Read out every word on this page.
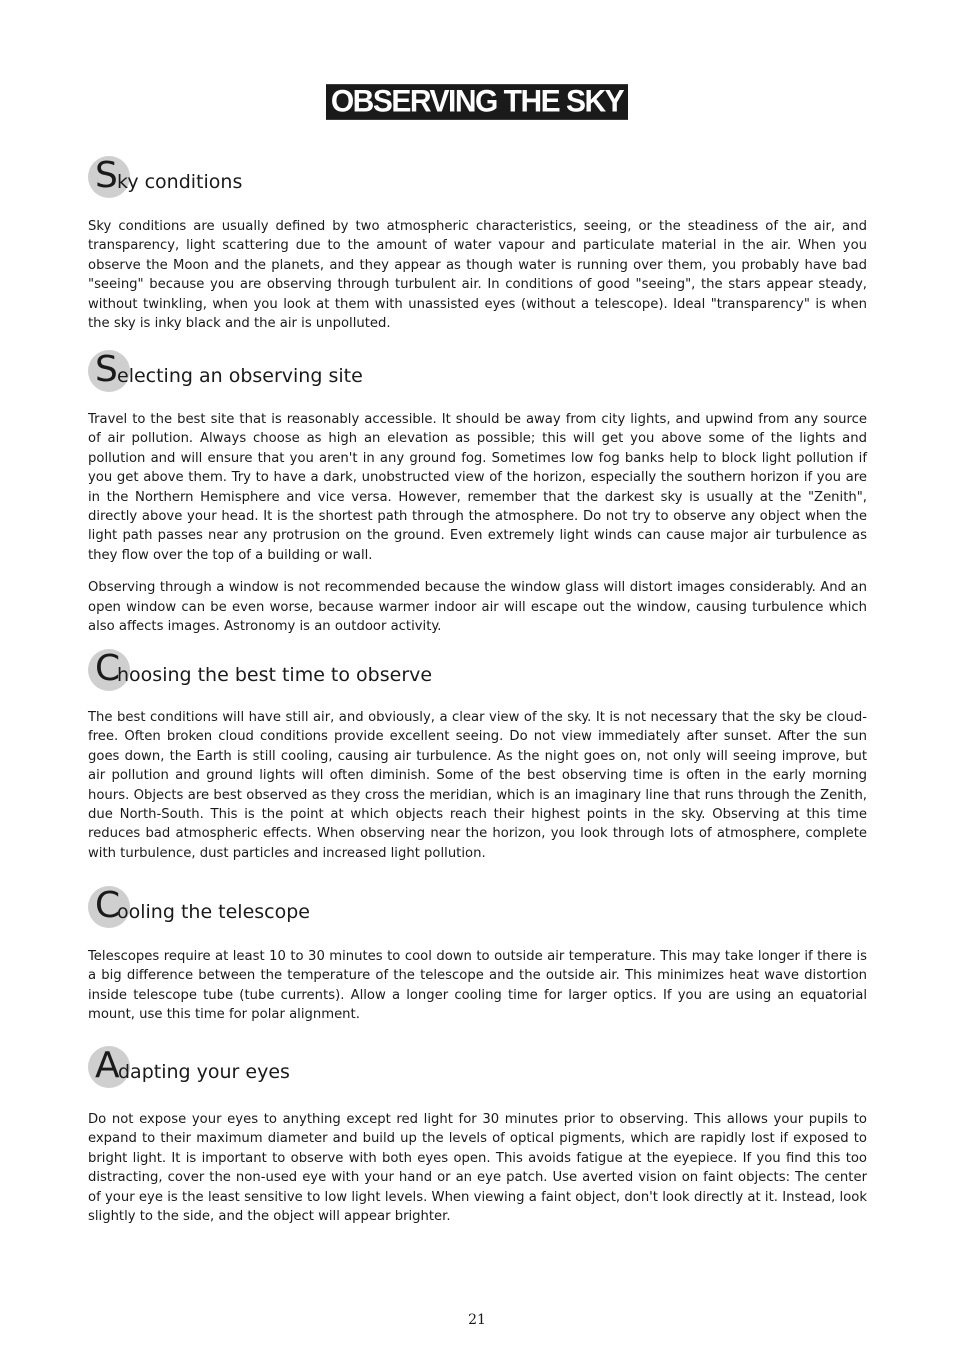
OBSERVING THE SKY
S ky conditions

Sky conditions are usually defined by two atmospheric characteristics, seeing, or the steadiness of the air, and transparency, light scattering due to the amount of water vapour and particulate material in the air. When you observe the Moon and the planets, and they appear as though water is running over them, you probably have bad "seeing" because you are observing through turbulent air. In conditions of good "seeing", the stars appear steady, without twinkling, when you look at them with unassisted eyes (without a telescope). Ideal "transparency" is when the sky is inky black and the air is unpolluted.

S electing an observing site

Travel to the best site that is reasonably accessible. It should be away from city lights, and upwind from any source of air pollution. Always choose as high an elevation as possible; this will get you above some of the lights and pollution and will ensure that you aren't in any ground fog. Sometimes low fog banks help to block light pollution if you get above them. Try to have a dark, unobstructed view of the horizon, especially the southern horizon if you are in the Northern Hemisphere and vice versa. However, remember that the darkest sky is usually at the "Zenith", directly above your head. It is the shortest path through the atmosphere. Do not try to observe any object when the light path passes near any protrusion on the ground. Even extremely light winds can cause major air turbulence as they flow over the top of a building or wall.

Observing through a window is not recommended because the window glass will distort images considerably. And an open window can be even worse, because warmer indoor air will escape out the window, causing turbulence which also affects images. Astronomy is an outdoor activity.

C
hoosing the best time to observe

The best conditions will have still air, and obviously, a clear view of the sky. It is not necessary that the sky be cloud-free. Often broken cloud conditions provide excellent seeing. Do not view immediately after sunset. After the sun goes down, the Earth is still cooling, causing air turbulence. As the night goes on, not only will seeing improve, but air pollution and ground lights will often diminish. Some of the best observing time is often in the early morning hours. Objects are best observed as they cross the meridian, which is an imaginary line that runs through the Zenith, due North-South. This is the point at which objects reach their highest points in the sky. Observing at this time reduces bad atmospheric effects. When observing near the horizon, you look through lots of atmosphere, complete with turbulence, dust particles and increased light pollution.

C
ooling the telescope

Telescopes require at least 10 to 30 minutes to cool down to outside air temperature. This may take longer if there is a big difference between the temperature of the telescope and the outside air. This minimizes heat wave distortion inside telescope tube (tube currents). Allow a longer cooling time for larger optics. If you are using an equatorial mount, use this time for polar alignment.

A
dapting your eyes

Do not expose your eyes to anything except red light for 30 minutes prior to observing. This allows your pupils to expand to their maximum diameter and build up the levels of optical pigments, which are rapidly lost if exposed to bright light. It is important to observe with both eyes open. This avoids fatigue at the eyepiece. If you find this too distracting, cover the non-used eye with your hand or an eye patch. Use averted vision on faint objects: The center of your eye is the least sensitive to low light levels. When viewing a faint object, don't look directly at it. Instead, look slightly to the side, and the object will appear brighter.

21
